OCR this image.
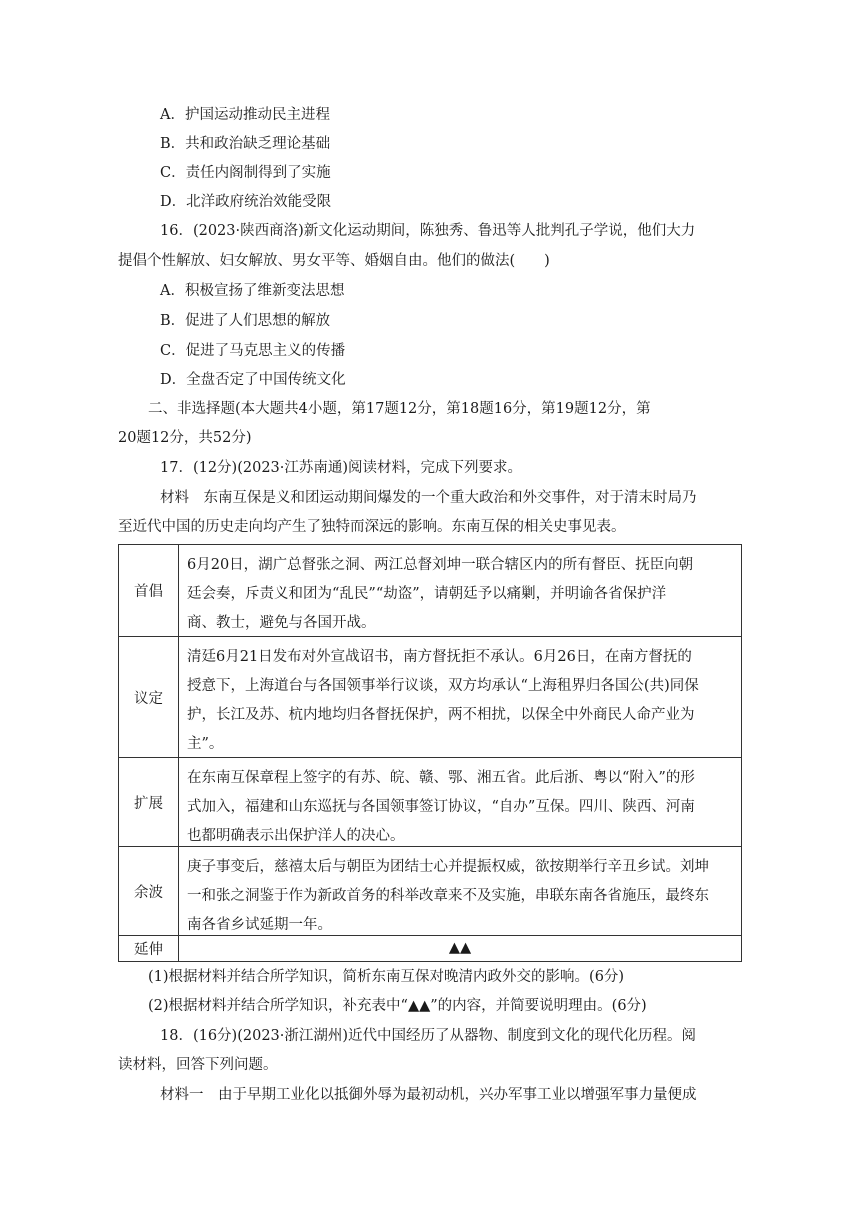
A．护国运动推动民主进程
B．共和政治缺乏理论基础
C．责任内阁制得到了实施
D．北洋政府统治效能受限
16．(2023·陕西商洛)新文化运动期间，陈独秀、鲁迅等人批判孔子学说，他们大力
提倡个性解放、妇女解放、男女平等、婚姻自由。他们的做法(　　)
A．积极宣扬了维新变法思想
B．促进了人们思想的解放
C．促进了马克思主义的传播
D．全盘否定了中国传统文化
二、非选择题(本大题共4小题，第17题12分，第18题16分，第19题12分，第
20题12分，共52分)
17．(12分)(2023·江苏南通)阅读材料，完成下列要求。
材料　东南互保是义和团运动期间爆发的一个重大政治和外交事件，对于清末时局乃
至近代中国的历史走向均产生了独特而深远的影响。东南互保的相关史事见表。
首倡
6月20日，湖广总督张之洞、两江总督刘坤一联合辖区内的所有督臣、抚臣向朝
廷会奏，斥责义和团为“乱民”“劫盗”，请朝廷予以痛剿，并明谕各省保护洋
商、教士，避免与各国开战。
议定
清廷6月21日发布对外宣战诏书，南方督抚拒不承认。6月26日，在南方督抚的
授意下，上海道台与各国领事举行议谈，双方均承认“上海租界归各国公(共)同保
护，长江及苏、杭内地均归各督抚保护，两不相扰，以保全中外商民人命产业为
主”。
扩展
在东南互保章程上签字的有苏、皖、赣、鄂、湘五省。此后浙、粤以“附入”的形
式加入，福建和山东巡抚与各国领事签订协议，“自办”互保。四川、陕西、河南
也都明确表示出保护洋人的决心。
余波
庚子事变后，慈禧太后与朝臣为团结士心并提振权威，欲按期举行辛丑乡试。刘坤
一和张之洞鉴于作为新政首务的科举改章来不及实施，串联东南各省施压，最终东
南各省乡试延期一年。
延伸	▲▲
(1)根据材料并结合所学知识，简析东南互保对晚清内政外交的影响。(6分)
(2)根据材料并结合所学知识，补充表中“▲▲”的内容，并简要说明理由。(6分)
18．(16分)(2023·浙江湖州)近代中国经历了从器物、制度到文化的现代化历程。阅
读材料，回答下列问题。
材料一　由于早期工业化以抵御外辱为最初动机，兴办军事工业以增强军事力量便成
